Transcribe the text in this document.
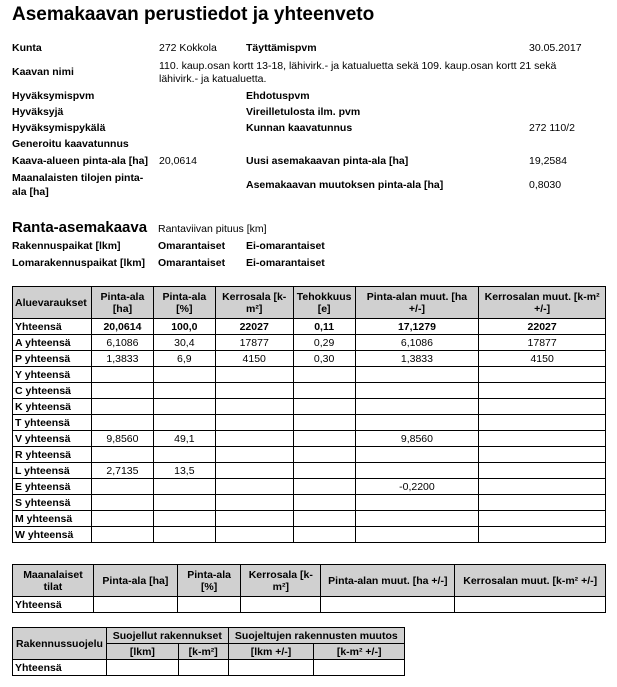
Asemakaavan perustiedot ja yhteenveto
Kunta	272 Kokkola	Täyttämispvm	30.05.2017
Kaavan nimi	110. kaup.osan kortt 13-18, lähivirk.- ja katualuetta sekä 109. kaup.osan kortt 21 sekä
lähivirk.- ja katualuetta.
Hyväksymispvm	Ehdotuspvm
Hyväksyjä	Vireilletulosta ilm. pvm
Hyväksymispykälä	Kunnan kaavatunnus	272 110/2
Generoitu kaavatunnus
Kaava-alueen pinta-ala [ha] 20,0614	Uusi asemakaavan pinta-ala [ha]	19,2584
Maanalaisten tilojen pinta-
ala [ha]
Asemakaavan muutoksen pinta-ala [ha]	0,8030
Ranta-asemakaava Rantaviivan pituus [km]
Rakennuspaikat [lkm]	Omarantaiset Ei-omarantaiset
Lomarakennuspaikat [lkm] Omarantaiset Ei-omarantaiset
Aluevaraukset	Pinta-ala [ha]	Pinta-ala [%]	Kerrosala [k-m²]	Tehokkuus [e]	Pinta-alan muut. [ha +/-]	Kerrosalan muut. [k-m² +/-]
Yhteensä	20,0614	100,0	22027	0,11	17,1279	22027
A yhteensä	6,1086	30,4	17877	0,29	6,1086	17877
P yhteensä	1,3833	6,9	4150	0,30	1,3833	4150
Y yhteensä						
C yhteensä						
K yhteensä						
T yhteensä						
V yhteensä	9,8560	49,1			9,8560	
R yhteensä						
L yhteensä	2,7135	13,5				
E yhteensä					-0,2200	
S yhteensä						
M yhteensä						
W yhteensä						
Maanalaiset tilat	Pinta-ala [ha]	Pinta-ala [%]	Kerrosala [k-m²]	Pinta-alan muut. [ha +/-]	Kerrosalan muut. [k-m² +/-]
Yhteensä					
Rakennussuojelu	Suojellut rakennukset		Suojeltujen rakennusten muutos	
	[lkm]	[k-m²]	[lkm +/-]	[k-m² +/-]
Yhteensä				
